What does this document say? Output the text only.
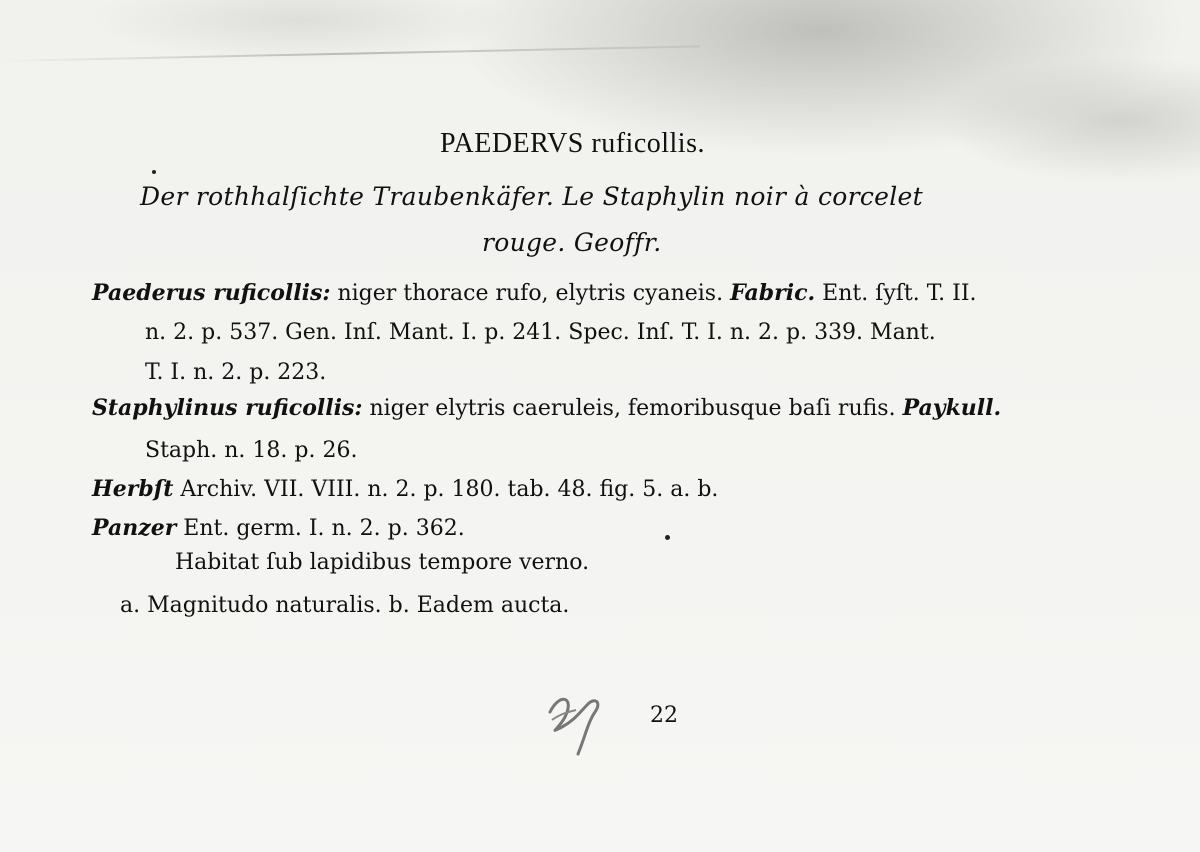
PAEDERVS ruficollis.
Der rothhalſichte Traubenkäfer. Le Staphylin noir à corcelet
rouge. Geoffr.
Paederus ruficollis: niger thorace rufo, elytris cyaneis. Fabric. Ent. ſyſt. T. II.
n. 2. p. 537. Gen. Inſ. Mant. I. p. 241. Spec. Inſ. T. I. n. 2. p. 339. Mant.
T. I. n. 2. p. 223.
Staphylinus ruficollis: niger elytris caeruleis, femoribusque baſi rufis. Paykull.
Staph. n. 18. p. 26.
Herbſt Archiv. VII. VIII. n. 2. p. 180. tab. 48. fig. 5. a. b.
Panzer Ent. germ. I. n. 2. p. 362.
Habitat ſub lapidibus tempore verno.
a. Magnitudo naturalis. b. Eadem aucta.
22
